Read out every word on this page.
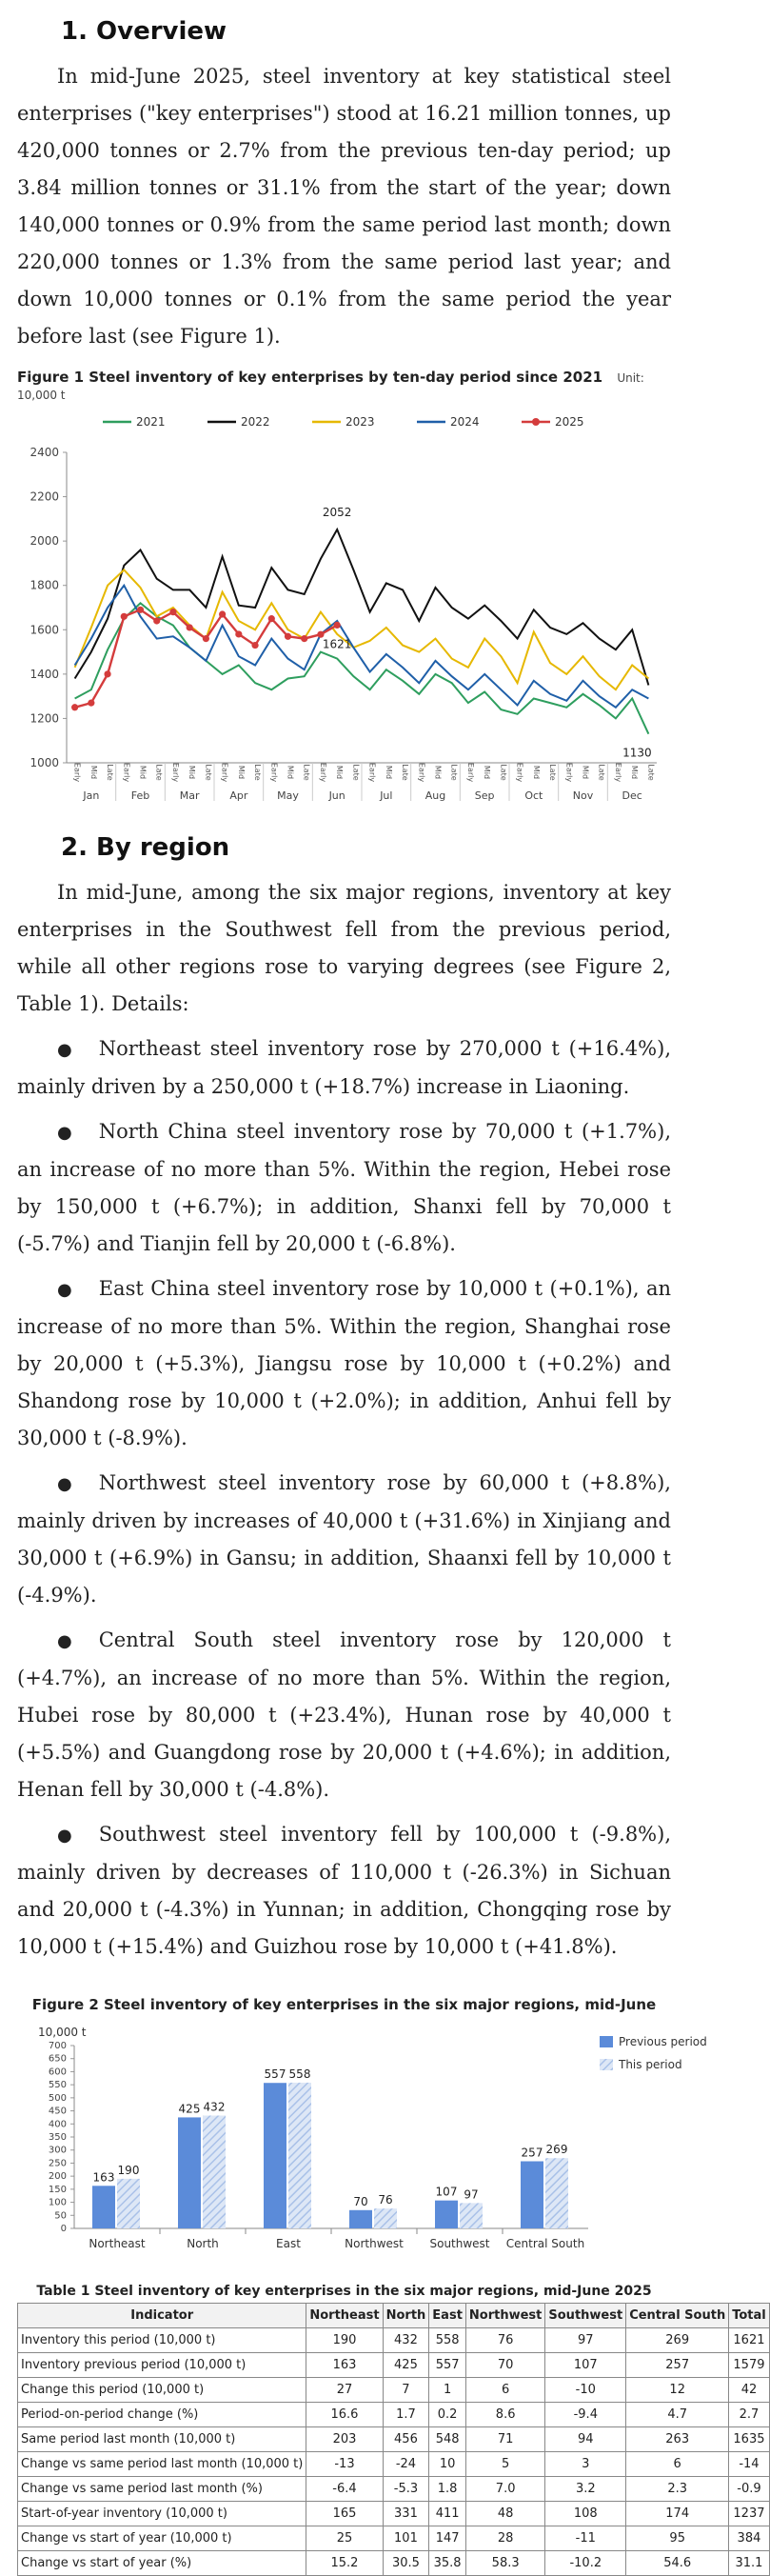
1. Overview

In mid-June 2025, steel inventory at key statistical steel enterprises ("key enterprises") stood at 16.21 million tonnes, up 420,000 tonnes or 2.7% from the previous ten-day period; up 3.84 million tonnes or 31.1% from the start of the year; down 140,000 tonnes or 0.9% from the same period last month; down 220,000 tonnes or 1.3% from the same period last year; and down 10,000 tonnes or 0.1% from the same period the year before last (see Figure 1).

Figure 1 Steel inventory of key enterprises by ten-day period since 2021 Unit: 10,000 t
2021	2022	2023	2024	2025
1000
1200
1400
1600
1800
2000
2200
2400
Early Mid Late Early Mid Late Early Mid Late Early Mid Late Early Mid Late Early Mid Late Early Mid Late Early Mid Late Early Mid Late Early Mid Late Early Mid Late Early Mid Late
Jan	Feb	Mar	Apr	May	Jun	Jul	Aug	Sep	Oct	Nov	Dec
2052
1621
1130
2. By region

In mid-June, among the six major regions, inventory at key enterprises in the Southwest fell from the previous period, while all other regions rose to varying degrees (see Figure 2, Table 1). Details:

● Northeast steel inventory rose by 270,000 t (+16.4%), mainly driven by a 250,000 t (+18.7%) increase in Liaoning.

● North China steel inventory rose by 70,000 t (+1.7%), an increase of no more than 5%. Within the region, Hebei rose by 150,000 t (+6.7%); in addition, Shanxi fell by 70,000 t (-5.7%) and Tianjin fell by 20,000 t (-6.8%).

● East China steel inventory rose by 10,000 t (+0.1%), an increase of no more than 5%. Within the region, Shanghai rose by 20,000 t (+5.3%), Jiangsu rose by 10,000 t (+0.2%) and Shandong rose by 10,000 t (+2.0%); in addition, Anhui fell by 30,000 t (-8.9%).

● Northwest steel inventory rose by 60,000 t (+8.8%), mainly driven by increases of 40,000 t (+31.6%) in Xinjiang and 30,000 t (+6.9%) in Gansu; in addition, Shaanxi fell by 10,000 t (-4.9%).

● Central South steel inventory rose by 120,000 t (+4.7%), an increase of no more than 5%. Within the region, Hubei rose by 80,000 t (+23.4%), Hunan rose by 40,000 t (+5.5%) and Guangdong rose by 20,000 t (+4.6%); in addition, Henan fell by 30,000 t (-4.8%).

● Southwest steel inventory fell by 100,000 t (-9.8%), mainly driven by decreases of 110,000 t (-26.3%) in Sichuan and 20,000 t (-4.3%) in Yunnan; in addition, Chongqing rose by 10,000 t (+15.4%) and Guizhou rose by 10,000 t (+41.8%).

Figure 2 Steel inventory of key enterprises in the six major regions, mid-June
10,000 t
0
50
100
150
200
250
300
350
400
450
500
550
600
650
700
163
190
Northeast
425 432
North
557 558
East
70 76
Northwest
107 97
Southwest
257 269
Central South
Previous period
This period
Table 1 Steel inventory of key enterprises in the six major regions, mid-June 2025
Indicator	Northeast	North	East	Northwest	Southwest	Central South	Total
Inventory this period (10,000 t)	190	432	558	76	97	269	1621
Inventory previous period (10,000 t)	163	425	557	70	107	257	1579
Change this period (10,000 t)	27	7	1	6	-10	12	42
Period-on-period change (%)	16.6	1.7	0.2	8.6	-9.4	4.7	2.7
Same period last month (10,000 t)	203	456	548	71	94	263	1635
Change vs same period last month (10,000 t)	-13	-24	10	5	3	6	-14
Change vs same period last month (%)	-6.4	-5.3	1.8	7.0	3.2	2.3	-0.9
Start-of-year inventory (10,000 t)	165	331	411	48	108	174	1237
Change vs start of year (10,000 t)	25	101	147	28	-11	95	384
Change vs start of year (%)	15.2	30.5	35.8	58.3	-10.2	54.6	31.1
